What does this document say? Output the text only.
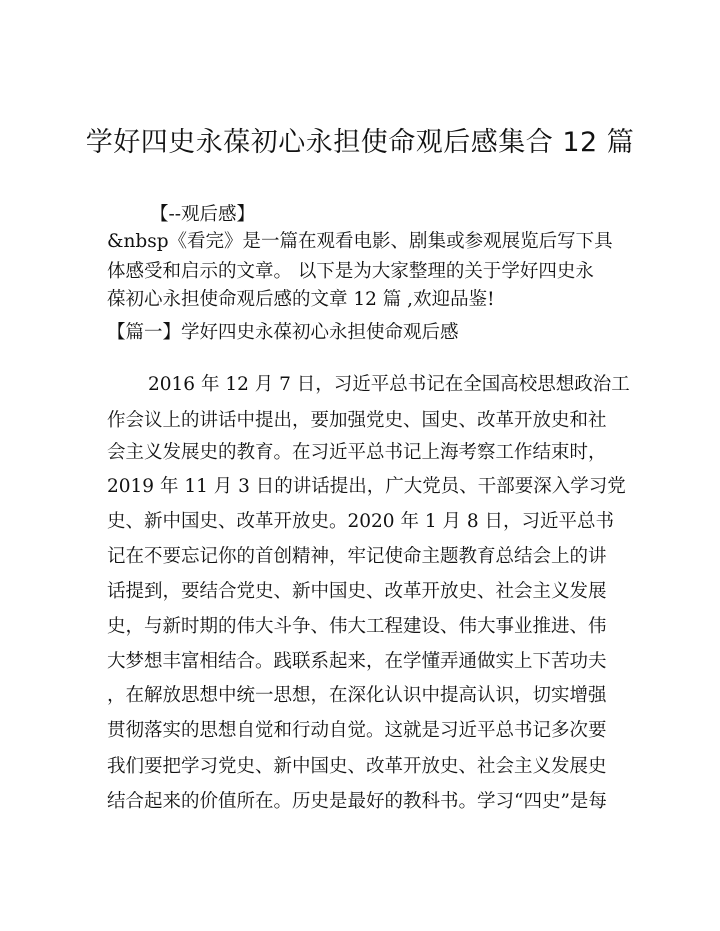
学好四史永葆初心永担使命观后感集合 12 篇
【--观后感】
&nbsp《看完》是一篇在观看电影、剧集或参观展览后写下具
体感受和启示的文章。 以下是为大家整理的关于学好四史永
葆初心永担使命观后感的文章 12 篇 ,欢迎品鉴!
【篇一】学好四史永葆初心永担使命观后感
2016 年 12 月 7 日，习近平总书记在全国高校思想政治工
作会议上的讲话中提出，要加强党史、国史、改革开放史和社
会主义发展史的教育。在习近平总书记上海考察工作结束时，
2019 年 11 月 3 日的讲话提出，广大党员、干部要深入学习党
史、新中国史、改革开放史。2020 年 1 月 8 日，习近平总书
记在不要忘记你的首创精神，牢记使命主题教育总结会上的讲
话提到，要结合党史、新中国史、改革开放史、社会主义发展
史，与新时期的伟大斗争、伟大工程建设、伟大事业推进、伟
大梦想丰富相结合。践联系起来，在学懂弄通做实上下苦功夫
，在解放思想中统一思想，在深化认识中提高认识，切实增强
贯彻落实的思想自觉和行动自觉。这就是习近平总书记多次要
我们要把学习党史、新中国史、改革开放史、社会主义发展史
结合起来的价值所在。历史是最好的教科书。学习“四史”是每
